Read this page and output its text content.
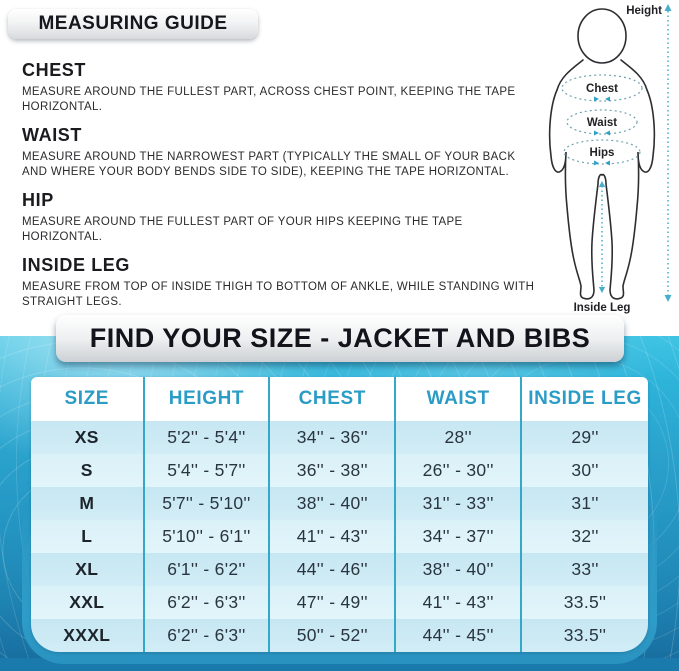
MEASURING GUIDE
CHEST

MEASURE AROUND THE FULLEST PART, ACROSS CHEST POINT, KEEPING THE TAPE HORIZONTAL.

WAIST

MEASURE AROUND THE NARROWEST PART (TYPICALLY THE SMALL OF YOUR BACK AND WHERE YOUR BODY BENDS SIDE TO SIDE), KEEPING THE TAPE HORIZONTAL.

HIP

MEASURE AROUND THE FULLEST PART OF YOUR HIPS KEEPING THE TAPE HORIZONTAL.

INSIDE LEG

MEASURE FROM TOP OF INSIDE THIGH TO BOTTOM OF ANKLE, WHILE STANDING WITH STRAIGHT LEGS.

Height
Chest
Waist
Hips
Inside Leg
FIND YOUR SIZE - JACKET AND BIBS
SIZE	HEIGHT	CHEST	WAIST	INSIDE LEG
XS	5'2'' - 5'4''	34'' - 36''	28''	29''
S	5'4'' - 5'7''	36'' - 38''	26'' - 30''	30''
M	5'7'' - 5'10''	38'' - 40''	31'' - 33''	31''
L	5'10'' - 6'1''	41'' - 43''	34'' - 37''	32''
XL	6'1'' - 6'2''	44'' - 46''	38'' - 40''	33''
XXL	6'2'' - 6'3''	47'' - 49''	41'' - 43''	33.5''
XXXL	6'2'' - 6'3''	50'' - 52''	44'' - 45''	33.5''
